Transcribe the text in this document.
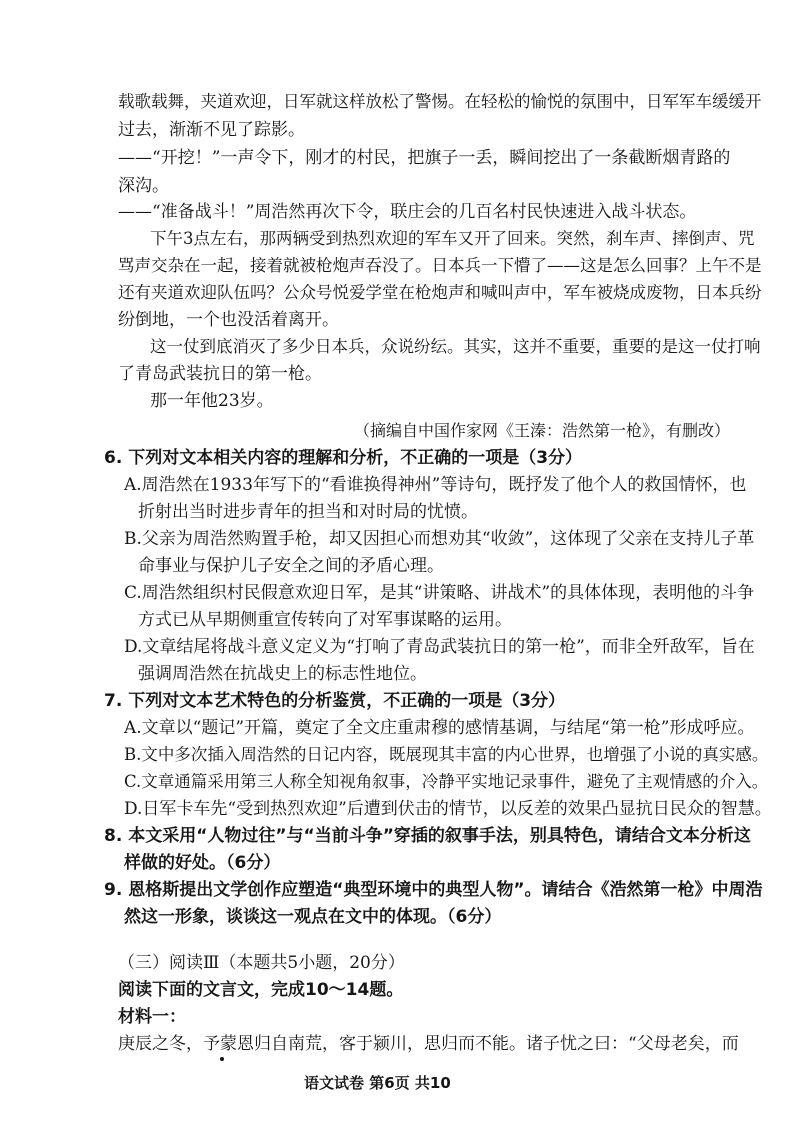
载歌载舞，夹道欢迎，日军就这样放松了警惕。在轻松的愉悦的氛围中，日军军车缓缓开
过去，渐渐不见了踪影。
——“开挖！”一声令下，刚才的村民，把旗子一丢，瞬间挖出了一条截断烟青路的
深沟。
——“准备战斗！”周浩然再次下令，联庄会的几百名村民快速进入战斗状态。
下午3点左右，那两辆受到热烈欢迎的军车又开了回来。突然，刹车声、摔倒声、咒
骂声交杂在一起，接着就被枪炮声吞没了。日本兵一下懵了——这是怎么回事？上午不是
还有夹道欢迎队伍吗？公众号悦爱学堂在枪炮声和喊叫声中，军车被烧成废物，日本兵纷
纷倒地，一个也没活着离开。
这一仗到底消灭了多少日本兵，众说纷纭。其实，这并不重要，重要的是这一仗打响
了青岛武装抗日的第一枪。
那一年他23岁。
（摘编自中国作家网《王溱：浩然第一枪》，有删改）
6. 下列对文本相关内容的理解和分析，不正确的一项是（3分）
A.周浩然在1933年写下的“看谁换得神州”等诗句，既抒发了他个人的救国情怀，也
折射出当时进步青年的担当和对时局的忧愤。
B.父亲为周浩然购置手枪，却又因担心而想劝其“收敛”，这体现了父亲在支持儿子革
命事业与保护儿子安全之间的矛盾心理。
C.周浩然组织村民假意欢迎日军，是其“讲策略、讲战术”的具体体现，表明他的斗争
方式已从早期侧重宣传转向了对军事谋略的运用。
D.文章结尾将战斗意义定义为“打响了青岛武装抗日的第一枪”，而非全歼敌军，旨在
强调周浩然在抗战史上的标志性地位。
7. 下列对文本艺术特色的分析鉴赏，不正确的一项是（3分）
A.文章以“题记”开篇，奠定了全文庄重肃穆的感情基调，与结尾“第一枪”形成呼应。
B.文中多次插入周浩然的日记内容，既展现其丰富的内心世界，也增强了小说的真实感。
C.文章通篇采用第三人称全知视角叙事，冷静平实地记录事件，避免了主观情感的介入。
D.日军卡车先“受到热烈欢迎”后遭到伏击的情节，以反差的效果凸显抗日民众的智慧。
8. 本文采用“人物过往”与“当前斗争”穿插的叙事手法，别具特色，请结合文本分析这
样做的好处。（6分）
9. 恩格斯提出文学创作应塑造“典型环境中的典型人物”。请结合《浩然第一枪》中周浩
然这一形象，谈谈这一观点在文中的体现。（6分）
（三）阅读Ⅲ（本题共5小题，20分）
阅读下面的文言文，完成10～14题。
材料一：
庚辰之冬，予蒙恩归自南荒，客于颍川，思归而不能。诸子忧之曰：“父母老矣，而
语文试卷 第6页 共10
